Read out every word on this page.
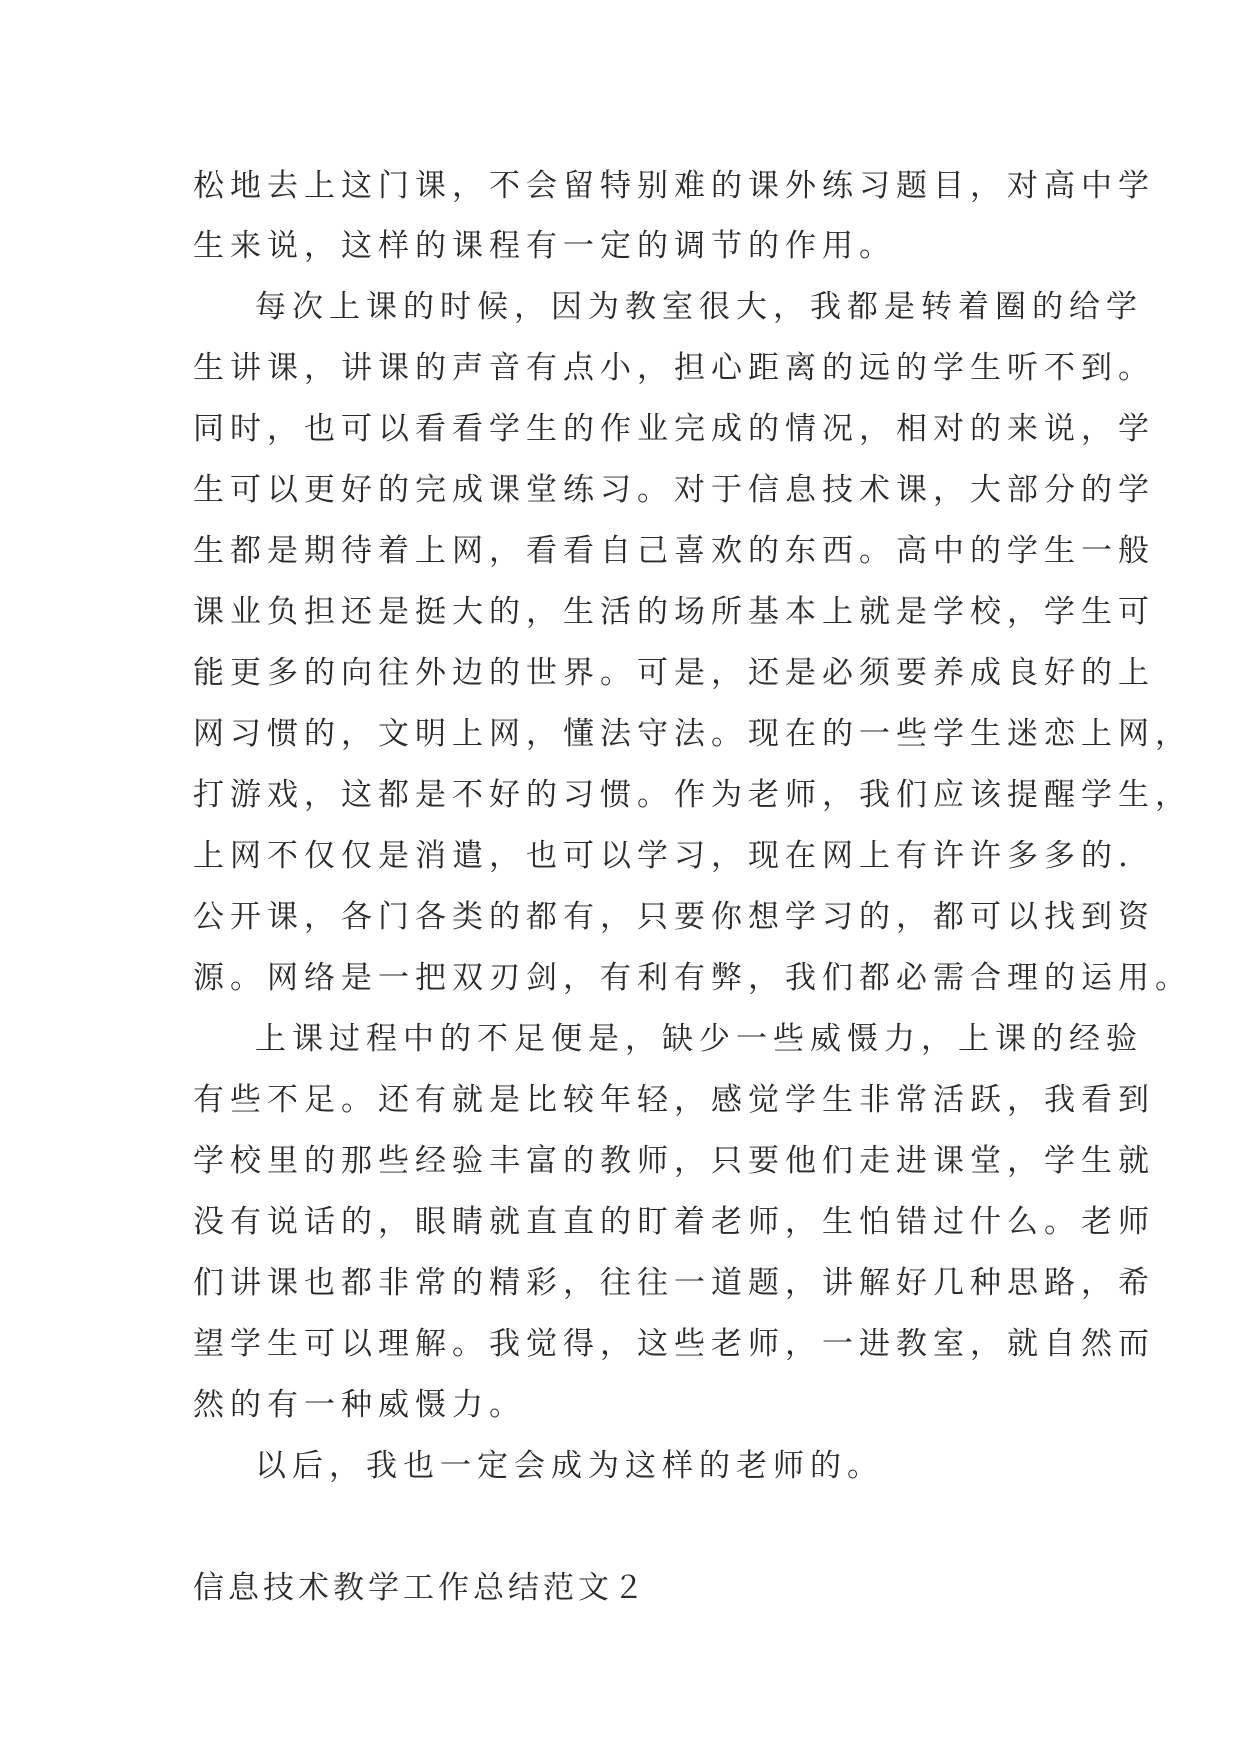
松地去上这门课，不会留特别难的课外练习题目，对高中学
生来说，这样的课程有一定的调节的作用。
每次上课的时候，因为教室很大，我都是转着圈的给学
生讲课，讲课的声音有点小，担心距离的远的学生听不到。
同时，也可以看看学生的作业完成的情况，相对的来说，学
生可以更好的完成课堂练习。对于信息技术课，大部分的学
生都是期待着上网，看看自己喜欢的东西。高中的学生一般
课业负担还是挺大的，生活的场所基本上就是学校，学生可
能更多的向往外边的世界。可是，还是必须要养成良好的上
网习惯的，文明上网，懂法守法。现在的一些学生迷恋上网，
打游戏，这都是不好的习惯。作为老师，我们应该提醒学生，
上网不仅仅是消遣，也可以学习，现在网上有许许多多的.
公开课，各门各类的都有，只要你想学习的，都可以找到资
源。网络是一把双刃剑，有利有弊，我们都必需合理的运用。
上课过程中的不足便是，缺少一些威慑力，上课的经验
有些不足。还有就是比较年轻，感觉学生非常活跃，我看到
学校里的那些经验丰富的教师，只要他们走进课堂，学生就
没有说话的，眼睛就直直的盯着老师，生怕错过什么。老师
们讲课也都非常的精彩，往往一道题，讲解好几种思路，希
望学生可以理解。我觉得，这些老师，一进教室，就自然而
然的有一种威慑力。
以后，我也一定会成为这样的老师的。
信息技术教学工作总结范文２
